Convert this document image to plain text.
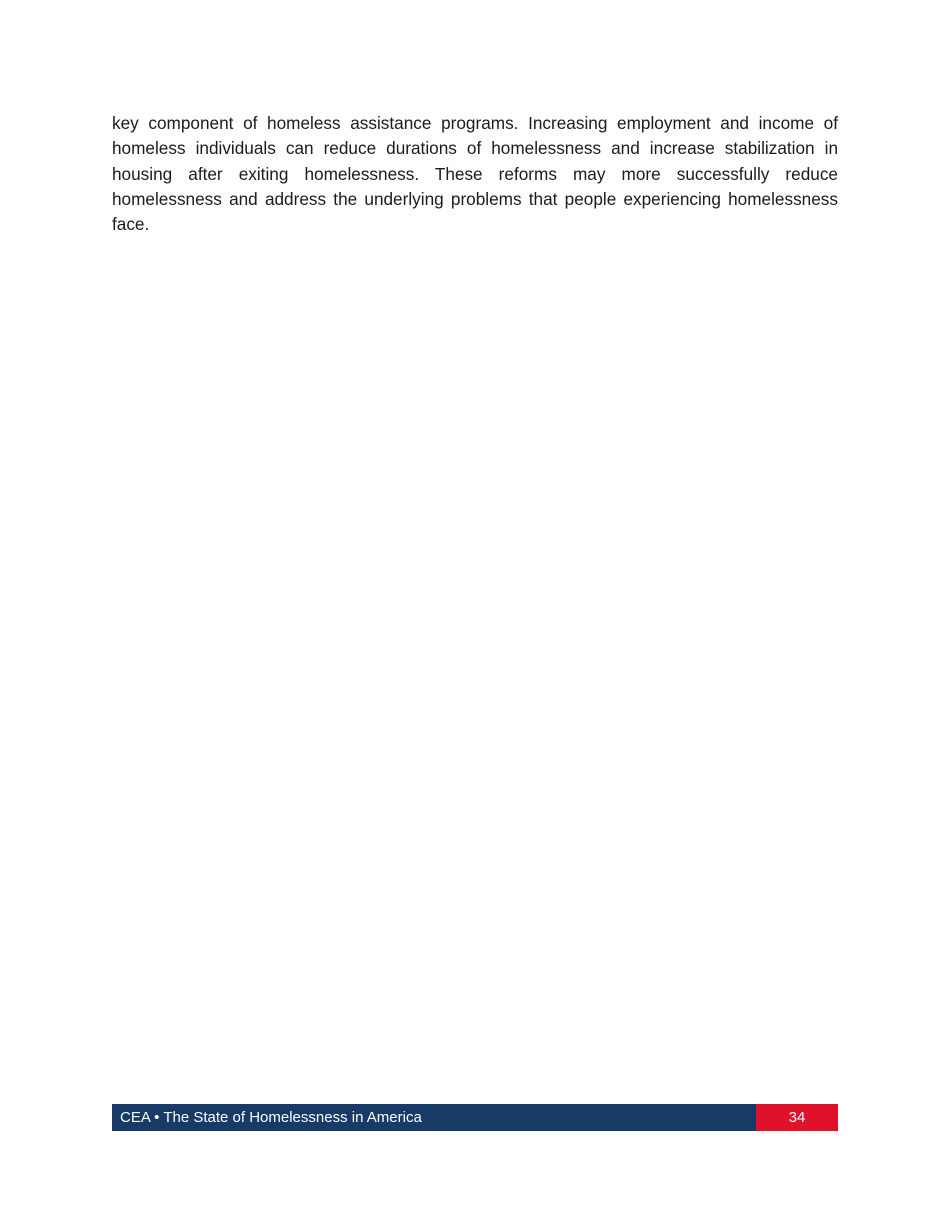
key component of homeless assistance programs. Increasing employment and income of homeless individuals can reduce durations of homelessness and increase stabilization in housing after exiting homelessness. These reforms may more successfully reduce homelessness and address the underlying problems that people experiencing homelessness face.

CEA • The State of Homelessness in America	34
